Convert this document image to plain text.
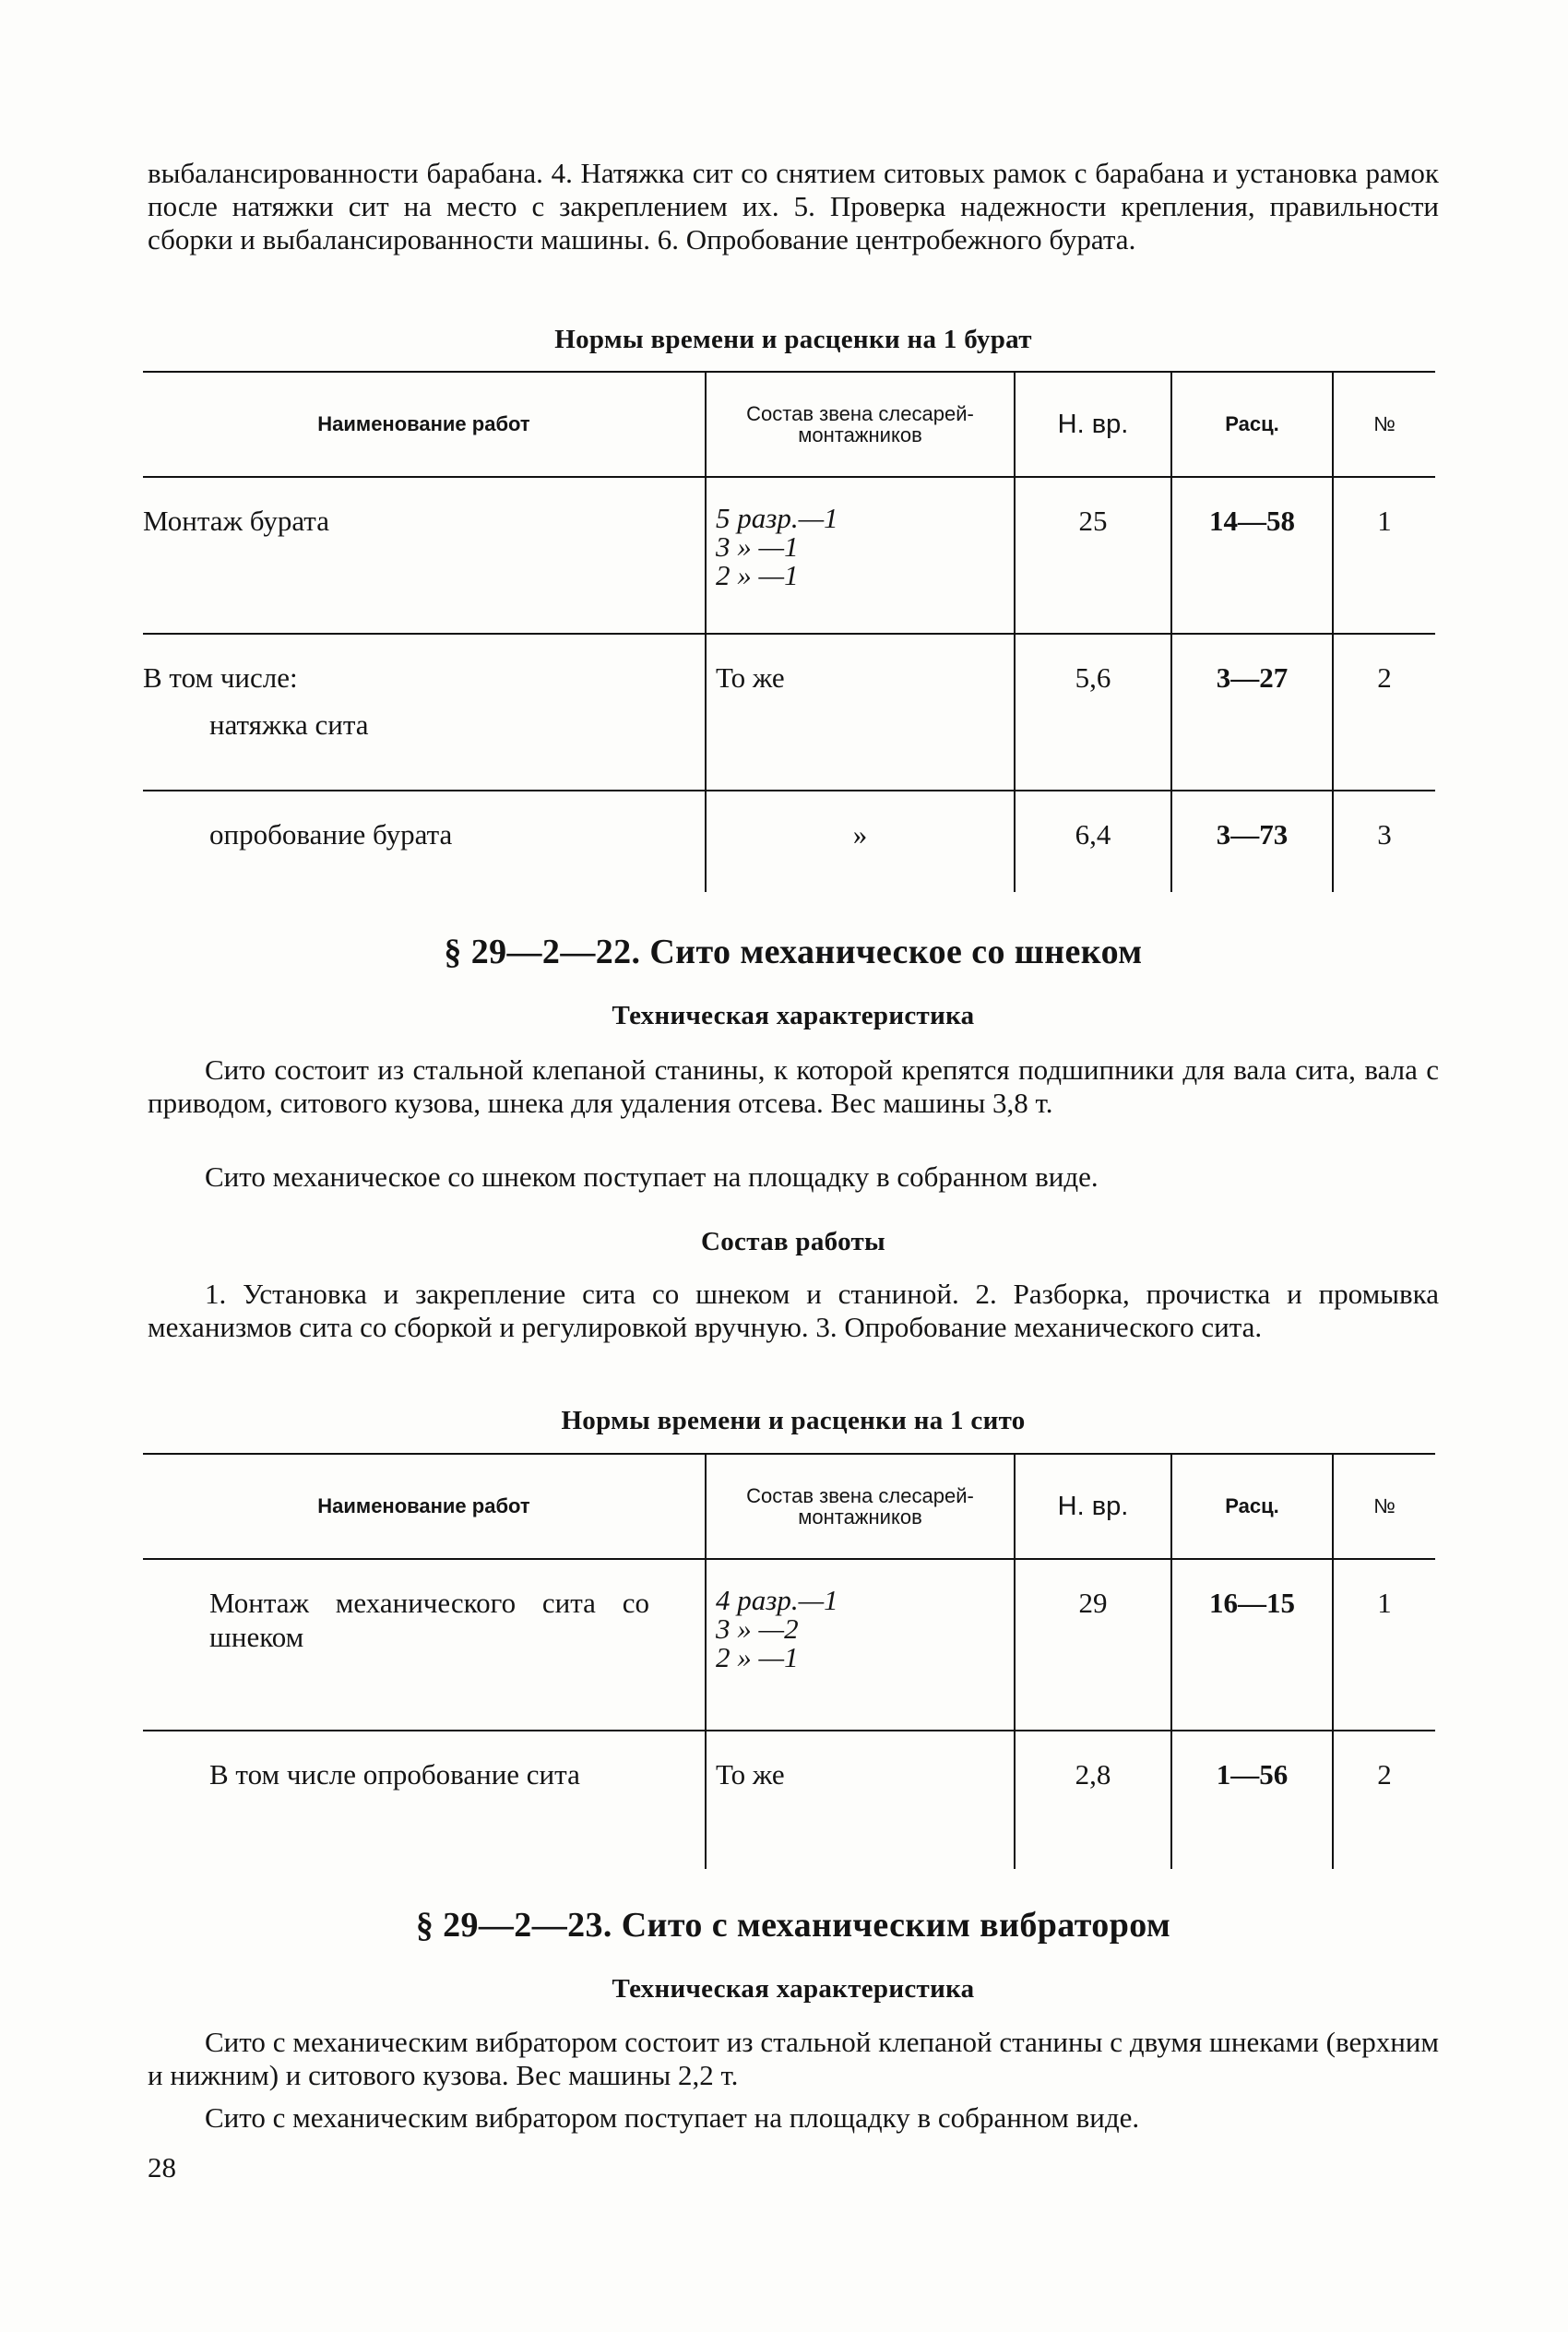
выбалансированности барабана. 4. Натяжка сит со снятием ситовых рамок с барабана и установка рамок после натяжки сит на место с закреплением их. 5. Проверка надежности крепления, правильности сборки и выбалансированности машины. 6. Опробование центробежного бурата.

Нормы времени и расценки на 1 бурат
Наименование работ	Состав звена слесарей-монтажников	Н. вр.	Расц.	№
Монтаж бурата	5 разр.—1
3 » —1
2 » —1	25	14—58	1

В том числе:
натяжка сита	То же	5,6	3—27	2
опробование бурата	»	6,4	3—73	3
§ 29—2—22. Сито механическое со шнеком
Техническая характеристика

Сито состоит из стальной клепаной станины, к которой крепятся подшипники для вала сита, вала с приводом, ситового кузова, шнека для удаления отсева. Вес машины 3,8 т.

Сито механическое со шнеком поступает на площадку в собранном виде.

Состав работы

1. Установка и закрепление сита со шнеком и станиной. 2. Разборка, прочистка и промывка механизмов сита со сборкой и регулировкой вручную. 3. Опробование механического сита.

Нормы времени и расценки на 1 сито
Наименование работ	Состав звена слесарей-монтажников	Н. вр.	Расц.	№
Монтаж механического сита со шнеком	4 разр.—1
3 » —2
2 » —1	29	16—15	1
В том числе опробование сита	То же	2,8	1—56	2
§ 29—2—23. Сито с механическим вибратором
Техническая характеристика

Сито с механическим вибратором состоит из стальной клепаной станины с двумя шнеками (верхним и нижним) и ситового кузова. Вес машины 2,2 т.

Сито с механическим вибратором поступает на площадку в собранном виде.

28
